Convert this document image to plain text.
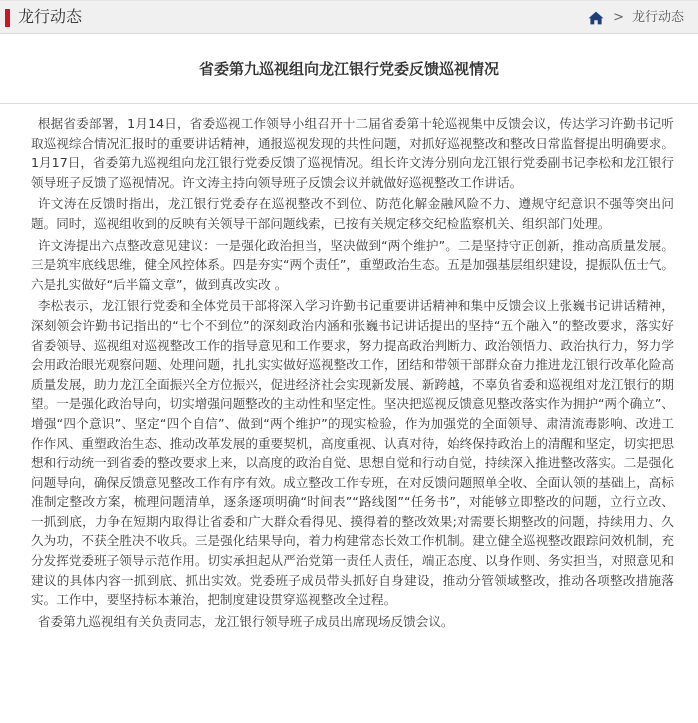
龙行动态	> 龙行动态
省委第九巡视组向龙江银行党委反馈巡视情况

根据省委部署，1月14日，省委巡视工作领导小组召开十二届省委第十轮巡视集中反馈会议，传达学习许勤书记听取巡视综合情况汇报时的重要讲话精神，通报巡视发现的共性问题，对抓好巡视整改和整改日常监督提出明确要求。1月17日，省委第九巡视组向龙江银行党委反馈了巡视情况。组长许文涛分别向龙江银行党委副书记李松和龙江银行领导班子反馈了巡视情况。许文涛主持向领导班子反馈会议并就做好巡视整改工作讲话。

许文涛在反馈时指出，龙江银行党委存在巡视整改不到位、防范化解金融风险不力、遵规守纪意识不强等突出问题。同时，巡视组收到的反映有关领导干部问题线索，已按有关规定移交纪检监察机关、组织部门处理。

许文涛提出六点整改意见建议：一是强化政治担当，坚决做到“两个维护”。二是坚持守正创新，推动高质量发展。三是筑牢底线思维，健全风控体系。四是夯实“两个责任”，重塑政治生态。五是加强基层组织建设，提振队伍士气。六是扎实做好“后半篇文章”，做到真改实改 。

李松表示，龙江银行党委和全体党员干部将深入学习许勤书记重要讲话精神和集中反馈会议上张巍书记讲话精神，深刻领会许勤书记指出的“七个不到位”的深刻政治内涵和张巍书记讲话提出的坚持“五个融入”的整改要求，落实好省委领导、巡视组对巡视整改工作的指导意见和工作要求，努力提高政治判断力、政治领悟力、政治执行力，努力学会用政治眼光观察问题、处理问题，扎扎实实做好巡视整改工作，团结和带领干部群众奋力推进龙江银行改革化险高质量发展，助力龙江全面振兴全方位振兴，促进经济社会实现新发展、新跨越，不辜负省委和巡视组对龙江银行的期望。一是强化政治导向，切实增强问题整改的主动性和坚定性。坚决把巡视反馈意见整改落实作为拥护“两个确立”、增强“四个意识”、坚定“四个自信”、做到“两个维护”的现实检验，作为加强党的全面领导、肃清流毒影响、改进工作作风、重塑政治生态、推动改革发展的重要契机，高度重视、认真对待，始终保持政治上的清醒和坚定，切实把思想和行动统一到省委的整改要求上来，以高度的政治自觉、思想自觉和行动自觉，持续深入推进整改落实。二是强化问题导向，确保反馈意见整改工作有序有效。成立整改工作专班，在对反馈问题照单全收、全面认领的基础上，高标准制定整改方案，梳理问题清单，逐条逐项明确“时间表”“路线图”“任务书”，对能够立即整改的问题，立行立改、一抓到底，力争在短期内取得让省委和广大群众看得见、摸得着的整改效果;对需要长期整改的问题，持续用力、久久为功，不获全胜决不收兵。三是强化结果导向，着力构建常态长效工作机制。建立健全巡视整改跟踪问效机制，充分发挥党委班子领导示范作用。切实承担起从严治党第一责任人责任，端正态度、以身作则、务实担当，对照意见和建议的具体内容一抓到底、抓出实效。党委班子成员带头抓好自身建设，推动分管领域整改，推动各项整改措施落实。工作中，要坚持标本兼治，把制度建设贯穿巡视整改全过程。

省委第九巡视组有关负责同志，龙江银行领导班子成员出席现场反馈会议。
